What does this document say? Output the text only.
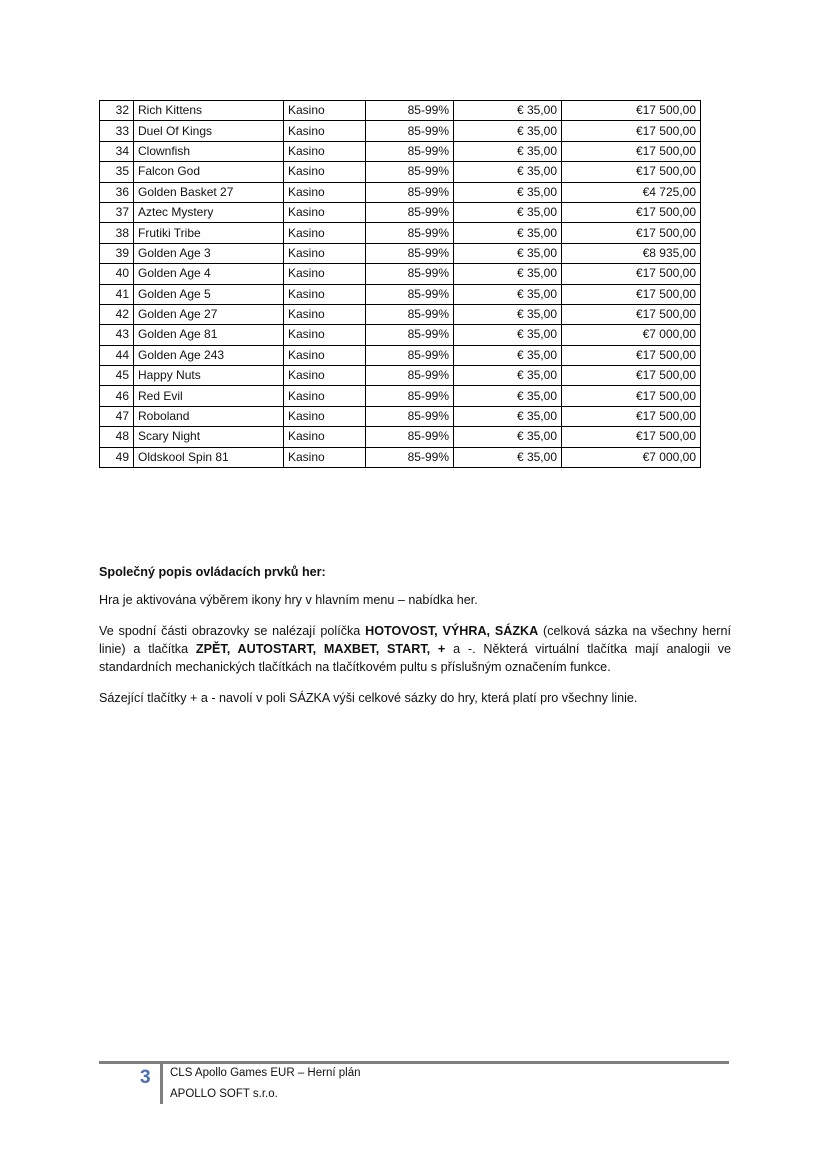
32	Rich Kittens	Kasino	85-99%	€ 35,00	€17 500,00
33	Duel Of Kings	Kasino	85-99%	€ 35,00	€17 500,00
34	Clownfish	Kasino	85-99%	€ 35,00	€17 500,00
35	Falcon God	Kasino	85-99%	€ 35,00	€17 500,00
36	Golden Basket 27	Kasino	85-99%	€ 35,00	€4 725,00
37	Aztec Mystery	Kasino	85-99%	€ 35,00	€17 500,00
38	Frutiki Tribe	Kasino	85-99%	€ 35,00	€17 500,00
39	Golden Age 3	Kasino	85-99%	€ 35,00	€8 935,00
40	Golden Age 4	Kasino	85-99%	€ 35,00	€17 500,00
41	Golden Age 5	Kasino	85-99%	€ 35,00	€17 500,00
42	Golden Age 27	Kasino	85-99%	€ 35,00	€17 500,00
43	Golden Age 81	Kasino	85-99%	€ 35,00	€7 000,00
44	Golden Age 243	Kasino	85-99%	€ 35,00	€17 500,00
45	Happy Nuts	Kasino	85-99%	€ 35,00	€17 500,00
46	Red Evil	Kasino	85-99%	€ 35,00	€17 500,00
47	Roboland	Kasino	85-99%	€ 35,00	€17 500,00
48	Scary Night	Kasino	85-99%	€ 35,00	€17 500,00
49	Oldskool Spin 81	Kasino	85-99%	€ 35,00	€7 000,00
Společný popis ovládacích prvků her:
Hra je aktivována výběrem ikony hry v hlavním menu – nabídka her.
Ve spodní části obrazovky se nalézají políčka HOTOVOST, VÝHRA, SÁZKA (celková sázka na všechny herní linie) a tlačítka ZPĚT, AUTOSTART, MAXBET, START, + a -. Některá virtuální tlačítka mají analogii ve standardních mechanických tlačítkách na tlačítkovém pultu s příslušným označením funkce.
Sázející tlačítky + a - navolí v poli SÁZKA výši celkové sázky do hry, která platí pro všechny linie.
3 CLS Apollo Games EUR – Herní plán
APOLLO SOFT s.r.o.
